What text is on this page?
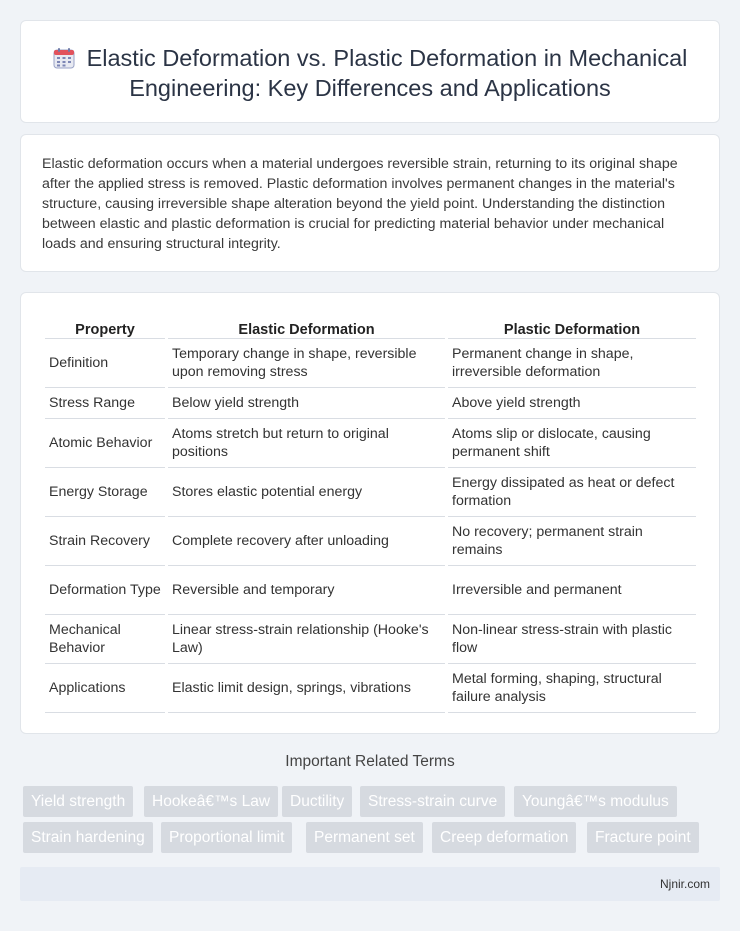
Elastic Deformation vs. Plastic Deformation in Mechanical Engineering: Key Differences and Applications

Elastic deformation occurs when a material undergoes reversible strain, returning to its original shape after the applied stress is removed. Plastic deformation involves permanent changes in the material's structure, causing irreversible shape alteration beyond the yield point. Understanding the distinction between elastic and plastic deformation is crucial for predicting material behavior under mechanical loads and ensuring structural integrity.

Property	Elastic Deformation	Plastic Deformation
Definition	Temporary change in shape, reversible upon removing stress	Permanent change in shape, irreversible deformation
Stress Range	Below yield strength	Above yield strength
Atomic Behavior	Atoms stretch but return to original positions	Atoms slip or dislocate, causing permanent shift
Energy Storage	Stores elastic potential energy	Energy dissipated as heat or defect formation
Strain Recovery	Complete recovery after unloading	No recovery; permanent strain remains
Deformation Type	Reversible and temporary	Irreversible and permanent
Mechanical Behavior	Linear stress-strain relationship (Hooke's Law)	Non-linear stress-strain with plastic flow
Applications	Elastic limit design, springs, vibrations	Metal forming, shaping, structural failure analysis
Important Related Terms
Yield strength	Hookeâ€™s Law	Ductility	Stress-strain curve	Youngâ€™s modulus
Strain hardening	Proportional limit	Permanent set	Creep deformation	Fracture point
Njnir.com
